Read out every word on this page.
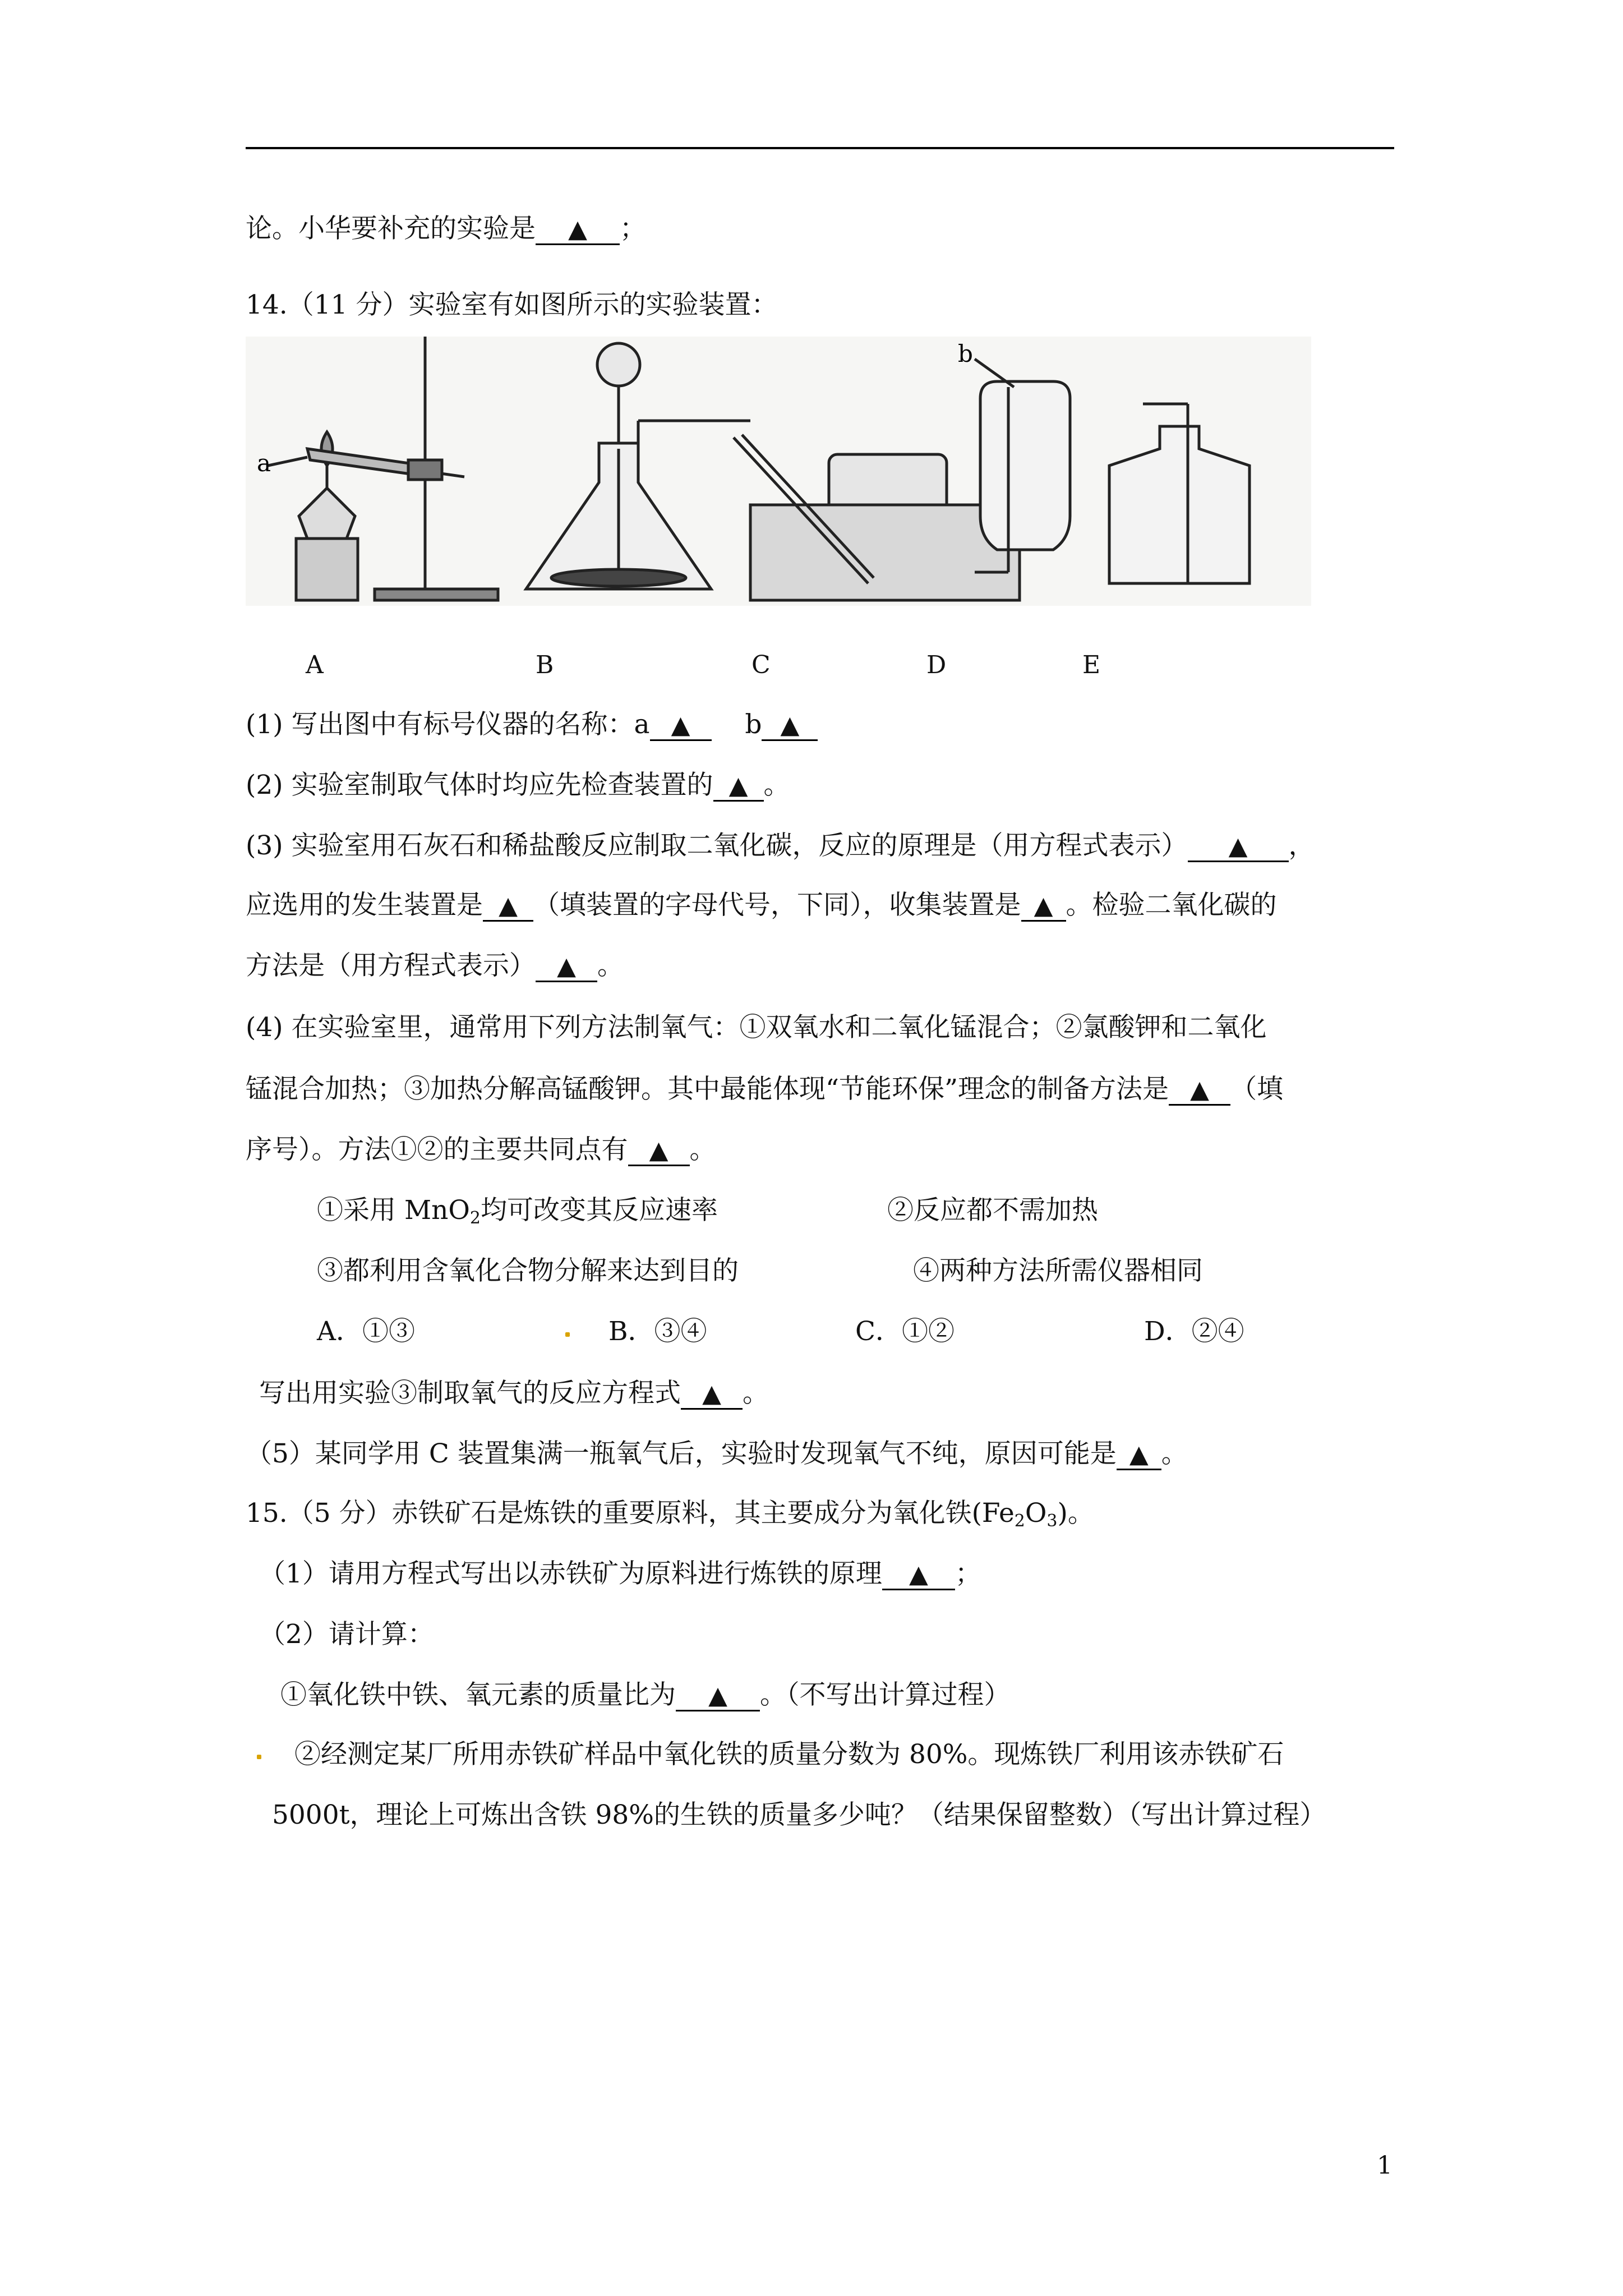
论。小华要补充的实验是 ▲ ；
14.（11 分）实验室有如图所示的实验装置：
a
b
A	B	C	D	E
(1) 写出图中有标号仪器的名称：a ▲ b ▲
(2) 实验室制取气体时均应先检查装置的 ▲ 。
(3) 实验室用石灰石和稀盐酸反应制取二氧化碳，反应的原理是（用方程式表示） ▲ ，
应选用的发生装置是 ▲ （填装置的字母代号，下同），收集装置是 ▲ 。检验二氧化碳的
方法是（用方程式表示） ▲ 。
(4) 在实验室里，通常用下列方法制氧气：①双氧水和二氧化锰混合；②氯酸钾和二氧化
锰混合加热；③加热分解高锰酸钾。其中最能体现“节能环保”理念的制备方法是 ▲ （填
序号）。方法①②的主要共同点有 ▲ 。
①采用 MnO$_2$均可改变其反应速率	②反应都不需加热
③都利用含氧化合物分解来达到目的	④两种方法所需仪器相同
A．①③	B．③④	C．①②	D．②④
写出用实验③制取氧气的反应方程式 ▲ 。
（5）某同学用 C 装置集满一瓶氧气后，实验时发现氧气不纯，原因可能是 ▲ 。
15.（5 分）赤铁矿石是炼铁的重要原料，其主要成分为氧化铁$(Fe_2O_3)$。
（1）请用方程式写出以赤铁矿为原料进行炼铁的原理 ▲ ；
（2）请计算：
①氧化铁中铁、氧元素的质量比为 ▲ 。（不写出计算过程）
②经测定某厂所用赤铁矿样品中氧化铁的质量分数为 80%。现炼铁厂利用该赤铁矿石
5000t，理论上可炼出含铁 98%的生铁的质量多少吨？（结果保留整数）（写出计算过程）
1
